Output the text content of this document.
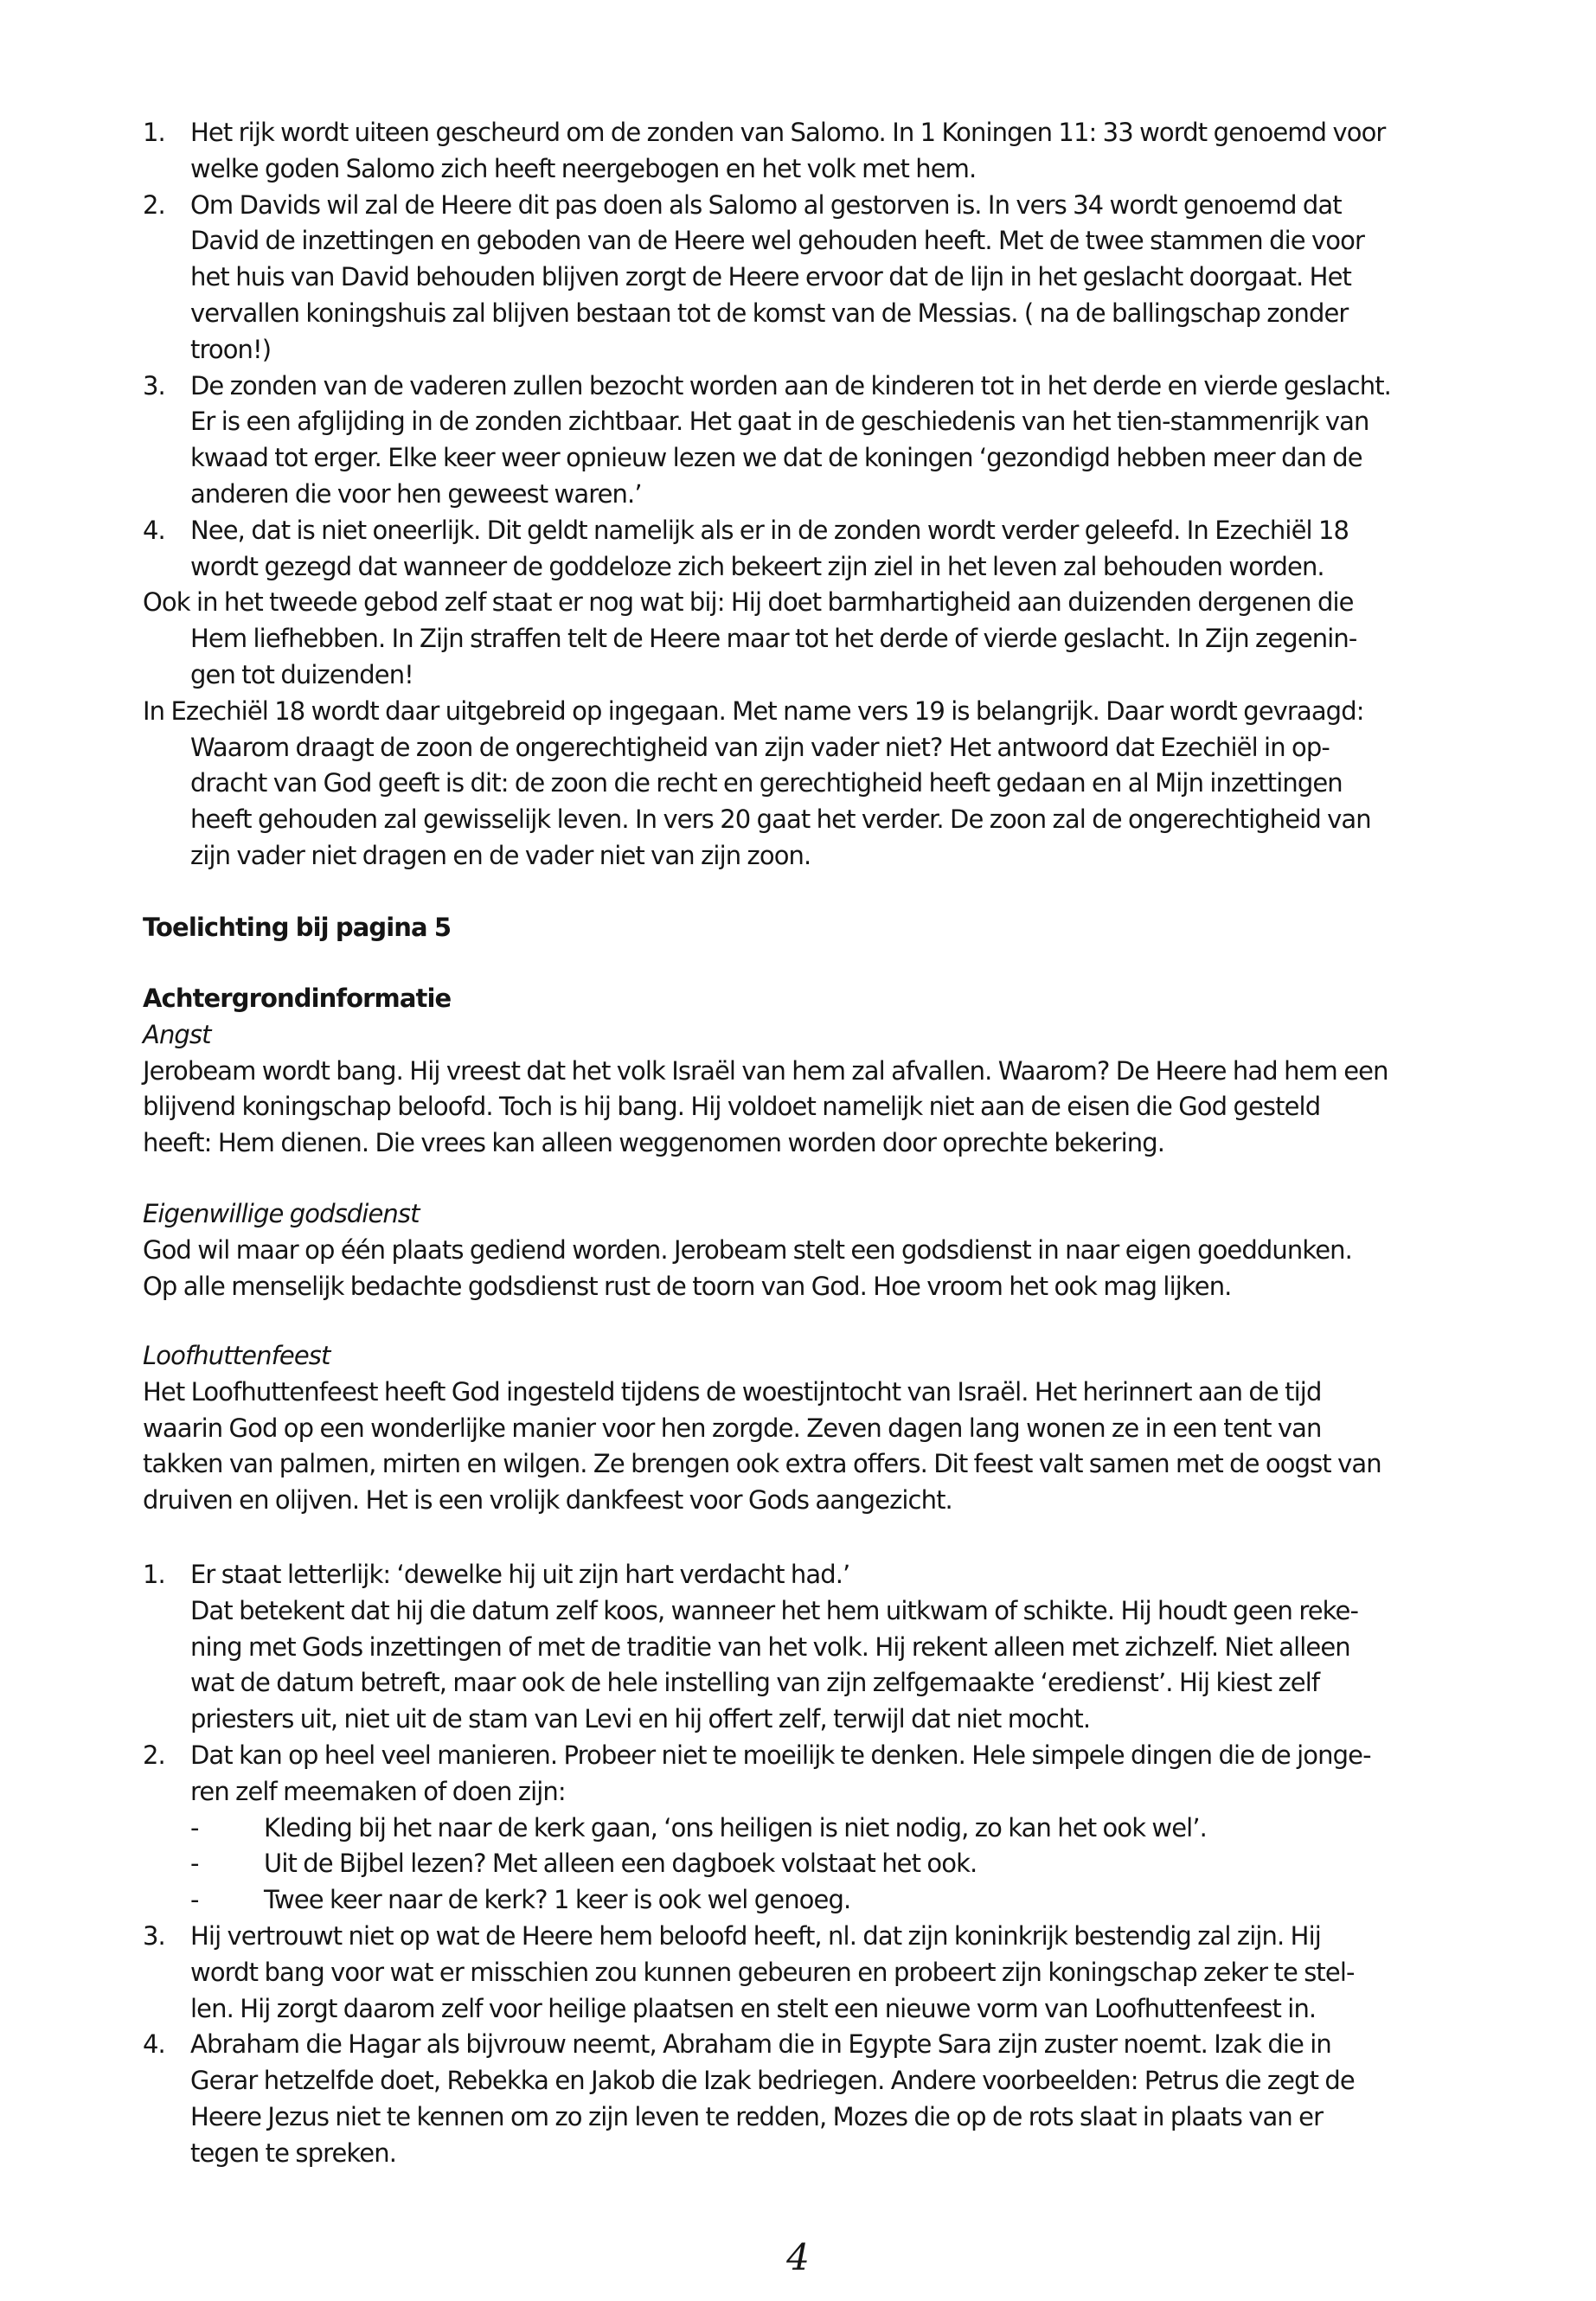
1. Het rijk wordt uiteen gescheurd om de zonden van Salomo. In 1 Koningen 11: 33 wordt genoemd voor
welke goden Salomo zich heeft neergebogen en het volk met hem.
2. Om Davids wil zal de Heere dit pas doen als Salomo al gestorven is. In vers 34 wordt genoemd dat
David de inzettingen en geboden van de Heere wel gehouden heeft. Met de twee stammen die voor
het huis van David behouden blijven zorgt de Heere ervoor dat de lijn in het geslacht doorgaat. Het
vervallen koningshuis zal blijven bestaan tot de komst van de Messias. ( na de ballingschap zonder
troon!)
3. De zonden van de vaderen zullen bezocht worden aan de kinderen tot in het derde en vierde geslacht.
Er is een afglijding in de zonden zichtbaar. Het gaat in de geschiedenis van het tien-stammenrijk van
kwaad tot erger. Elke keer weer opnieuw lezen we dat de koningen ‘gezondigd hebben meer dan de
anderen die voor hen geweest waren.’
4. Nee, dat is niet oneerlijk. Dit geldt namelijk als er in de zonden wordt verder geleefd. In Ezechiël 18
wordt gezegd dat wanneer de goddeloze zich bekeert zijn ziel in het leven zal behouden worden.
Ook in het tweede gebod zelf staat er nog wat bij: Hij doet barmhartigheid aan duizenden dergenen die
Hem liefhebben. In Zijn straffen telt de Heere maar tot het derde of vierde geslacht. In Zijn zegenin-
gen tot duizenden!
In Ezechiël 18 wordt daar uitgebreid op ingegaan. Met name vers 19 is belangrijk. Daar wordt gevraagd:
Waarom draagt de zoon de ongerechtigheid van zijn vader niet? Het antwoord dat Ezechiël in op-
dracht van God geeft is dit: de zoon die recht en gerechtigheid heeft gedaan en al Mijn inzettingen
heeft gehouden zal gewisselijk leven. In vers 20 gaat het verder. De zoon zal de ongerechtigheid van
zijn vader niet dragen en de vader niet van zijn zoon.
Toelichting bij pagina 5
Achtergrondinformatie
Angst
Jerobeam wordt bang. Hij vreest dat het volk Israël van hem zal afvallen. Waarom? De Heere had hem een
blijvend koningschap beloofd. Toch is hij bang. Hij voldoet namelijk niet aan de eisen die God gesteld
heeft: Hem dienen. Die vrees kan alleen weggenomen worden door oprechte bekering.
Eigenwillige godsdienst
God wil maar op één plaats gediend worden. Jerobeam stelt een godsdienst in naar eigen goeddunken.
Op alle menselijk bedachte godsdienst rust de toorn van God. Hoe vroom het ook mag lijken.
Loofhuttenfeest
Het Loofhuttenfeest heeft God ingesteld tijdens de woestijntocht van Israël. Het herinnert aan de tijd
waarin God op een wonderlijke manier voor hen zorgde. Zeven dagen lang wonen ze in een tent van
takken van palmen, mirten en wilgen. Ze brengen ook extra offers. Dit feest valt samen met de oogst van
druiven en olijven. Het is een vrolijk dankfeest voor Gods aangezicht.
1. Er staat letterlijk: ‘dewelke hij uit zijn hart verdacht had.’
Dat betekent dat hij die datum zelf koos, wanneer het hem uitkwam of schikte. Hij houdt geen reke-
ning met Gods inzettingen of met de traditie van het volk. Hij rekent alleen met zichzelf. Niet alleen
wat de datum betreft, maar ook de hele instelling van zijn zelfgemaakte ‘eredienst’. Hij kiest zelf
priesters uit, niet uit de stam van Levi en hij offert zelf, terwijl dat niet mocht.
2. Dat kan op heel veel manieren. Probeer niet te moeilijk te denken. Hele simpele dingen die de jonge-
ren zelf meemaken of doen zijn:
-	Kleding bij het naar de kerk gaan, ‘ons heiligen is niet nodig, zo kan het ook wel’.
-	Uit de Bijbel lezen? Met alleen een dagboek volstaat het ook.
-	Twee keer naar de kerk? 1 keer is ook wel genoeg.
3. Hij vertrouwt niet op wat de Heere hem beloofd heeft, nl. dat zijn koninkrijk bestendig zal zijn. Hij
wordt bang voor wat er misschien zou kunnen gebeuren en probeert zijn koningschap zeker te stel-
len. Hij zorgt daarom zelf voor heilige plaatsen en stelt een nieuwe vorm van Loofhuttenfeest in.
4. Abraham die Hagar als bijvrouw neemt, Abraham die in Egypte Sara zijn zuster noemt. Izak die in
Gerar hetzelfde doet, Rebekka en Jakob die Izak bedriegen. Andere voorbeelden: Petrus die zegt de
Heere Jezus niet te kennen om zo zijn leven te redden, Mozes die op de rots slaat in plaats van er
tegen te spreken.
4
